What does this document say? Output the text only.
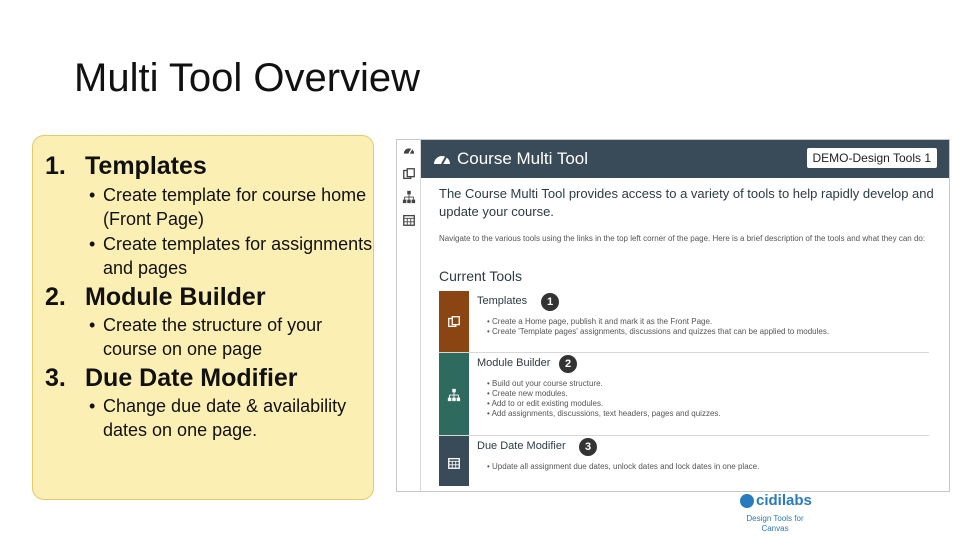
Multi Tool Overview
1. Templates
• Create template for course home (Front Page)
• Create templates for assignments and pages
2. Module Builder
• Create the structure of your course on one page
3. Due Date Modifier
• Change due date & availability dates on one page.
Course Multi Tool	DEMO-Design Tools 1

The Course Multi Tool provides access to a variety of tools to help rapidly develop and update your course.

Navigate to the various tools using the links in the top left corner of the page. Here is a brief description of the tools and what they can do:

Current Tools
Templates	1
• Create a Home page, publish it and mark it as the Front Page.
• Create 'Template pages' assignments, discussions and quizzes that can be applied to modules.
Module Builder	2
• Build out your course structure.
• Create new modules.
• Add to or edit existing modules.
• Add assignments, discussions, text headers, pages and quizzes.
Due Date Modifier	3
• Update all assignment due dates, unlock dates and lock dates in one place.
cidilabs
Design Tools for Canvas
